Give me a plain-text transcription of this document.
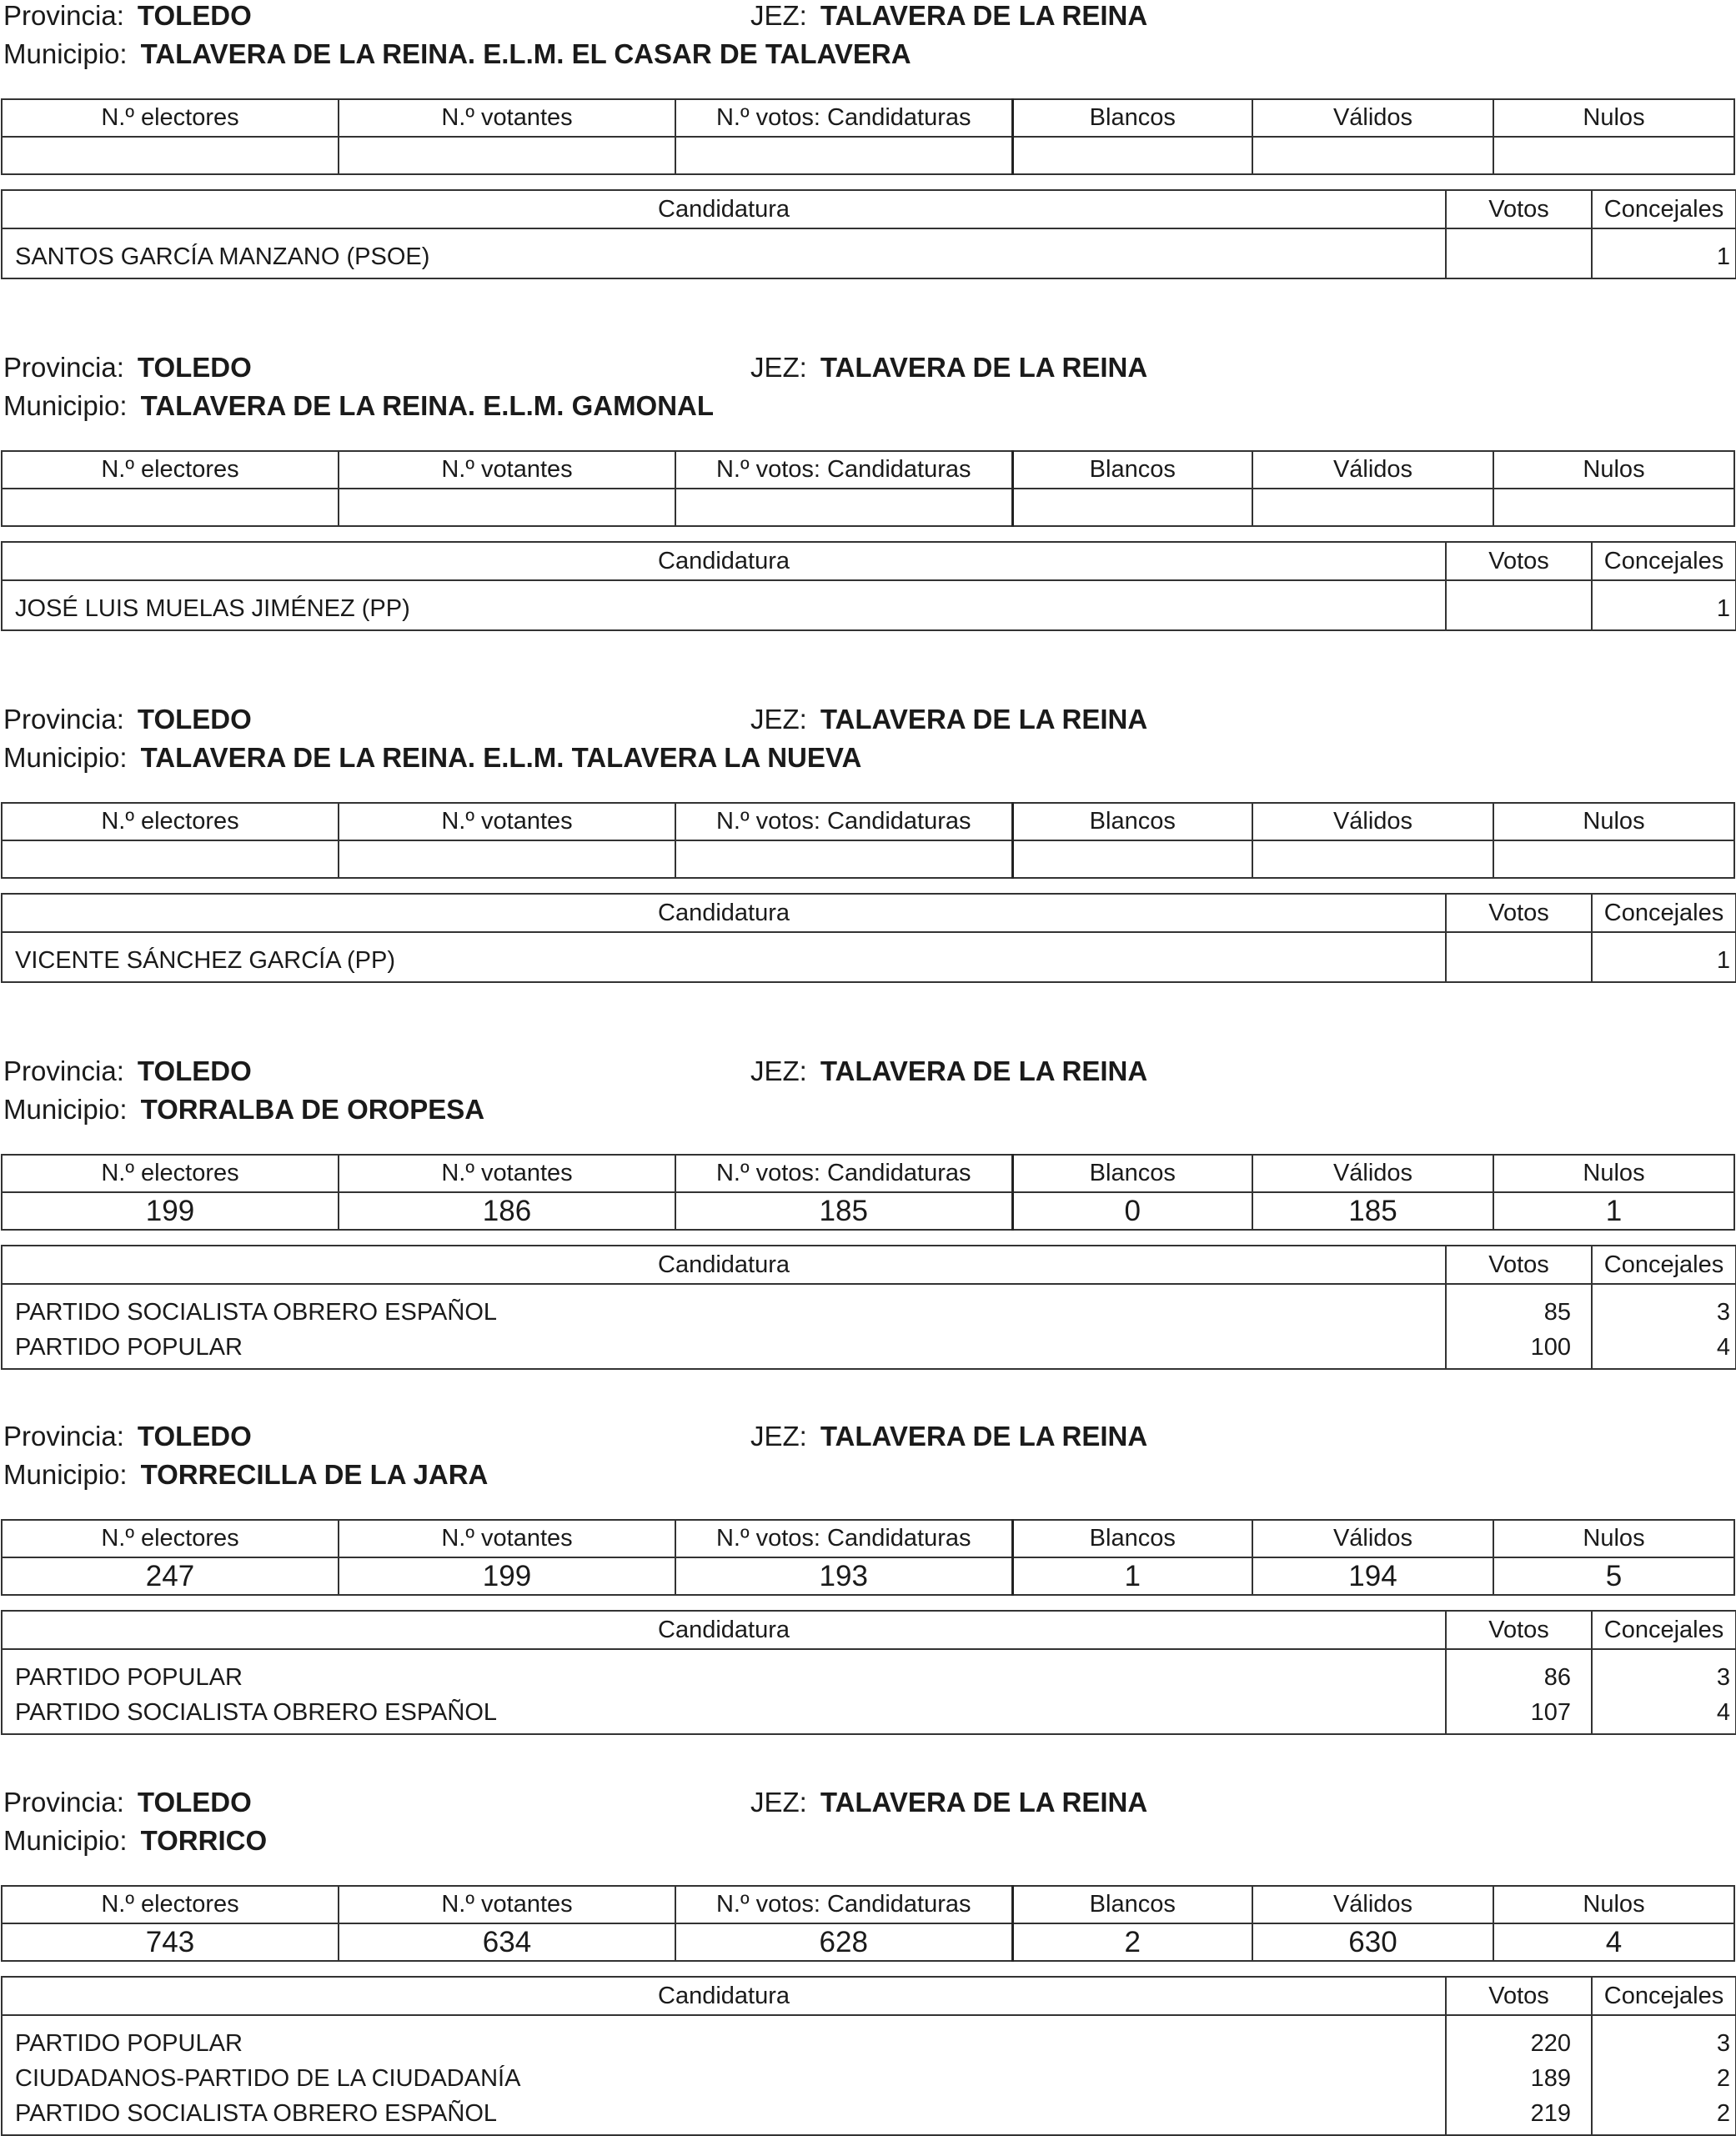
Provincia: TOLEDO	JEZ: TALAVERA DE LA REINA
Municipio: TALAVERA DE LA REINA. E.L.M. EL CASAR DE TALAVERA
N.º electores	N.º votantes	N.º votos: Candidaturas	Blancos	Válidos	Nulos

Candidatura	Votos	Concejales
SANTOS GARCÍA MANZANO (PSOE)		1
Provincia: TOLEDO	JEZ: TALAVERA DE LA REINA
Municipio: TALAVERA DE LA REINA. E.L.M. GAMONAL
N.º electores	N.º votantes	N.º votos: Candidaturas	Blancos	Válidos	Nulos

Candidatura	Votos	Concejales
JOSÉ LUIS MUELAS JIMÉNEZ (PP)		1
Provincia: TOLEDO	JEZ: TALAVERA DE LA REINA
Municipio: TALAVERA DE LA REINA. E.L.M. TALAVERA LA NUEVA
N.º electores	N.º votantes	N.º votos: Candidaturas	Blancos	Válidos	Nulos

Candidatura	Votos	Concejales
VICENTE SÁNCHEZ GARCÍA (PP)		1
Provincia: TOLEDO	JEZ: TALAVERA DE LA REINA
Municipio: TORRALBA DE OROPESA
N.º electores	N.º votantes	N.º votos: Candidaturas	Blancos	Válidos	Nulos
199	186	185	0	185	1
Candidatura	Votos	Concejales
PARTIDO SOCIALISTA OBRERO ESPAÑOL	85	3
PARTIDO POPULAR	100	4
Provincia: TOLEDO	JEZ: TALAVERA DE LA REINA
Municipio: TORRECILLA DE LA JARA
N.º electores	N.º votantes	N.º votos: Candidaturas	Blancos	Válidos	Nulos
247	199	193	1	194	5
Candidatura	Votos	Concejales
PARTIDO POPULAR	86	3
PARTIDO SOCIALISTA OBRERO ESPAÑOL	107	4
Provincia: TOLEDO	JEZ: TALAVERA DE LA REINA
Municipio: TORRICO
N.º electores	N.º votantes	N.º votos: Candidaturas	Blancos	Válidos	Nulos
743	634	628	2	630	4
Candidatura	Votos	Concejales
PARTIDO POPULAR	220	3
CIUDADANOS-PARTIDO DE LA CIUDADANÍA	189	2
PARTIDO SOCIALISTA OBRERO ESPAÑOL	219	2
